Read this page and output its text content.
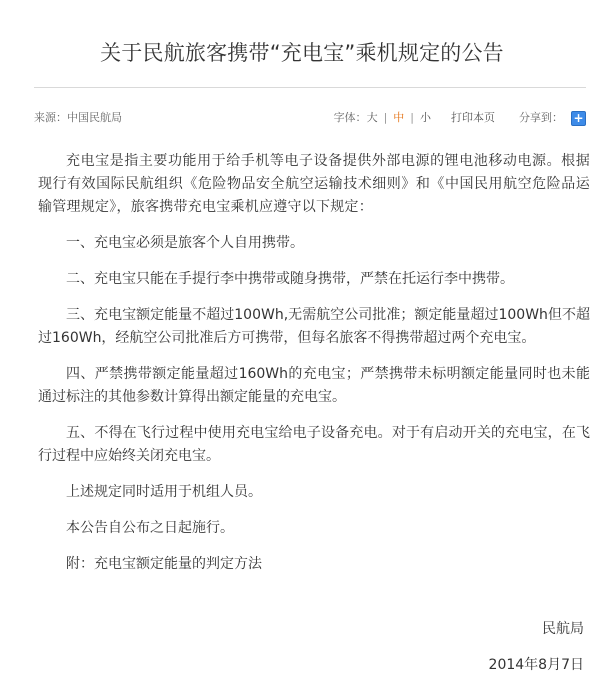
关于民航旅客携带“充电宝”乘机规定的公告
来源：中国民航局	字体： 大 | 中 | 小 打印本页 分享到： +

充电宝是指主要功能用于给手机等电子设备提供外部电源的锂电池移动电源。根据现行有效国际民航组织《危险物品安全航空运输技术细则》和《中国民用航空危险品运输管理规定》，旅客携带充电宝乘机应遵守以下规定：

一、充电宝必须是旅客个人自用携带。

二、充电宝只能在手提行李中携带或随身携带，严禁在托运行李中携带。

三、充电宝额定能量不超过100Wh,无需航空公司批准；额定能量超过100Wh但不超过160Wh，经航空公司批准后方可携带，但每名旅客不得携带超过两个充电宝。

四、严禁携带额定能量超过160Wh的充电宝；严禁携带未标明额定能量同时也未能通过标注的其他参数计算得出额定能量的充电宝。

五、不得在飞行过程中使用充电宝给电子设备充电。对于有启动开关的充电宝，在飞行过程中应始终关闭充电宝。

上述规定同时适用于机组人员。

本公告自公布之日起施行。

附：充电宝额定能量的判定方法

民航局
2014年8月7日
